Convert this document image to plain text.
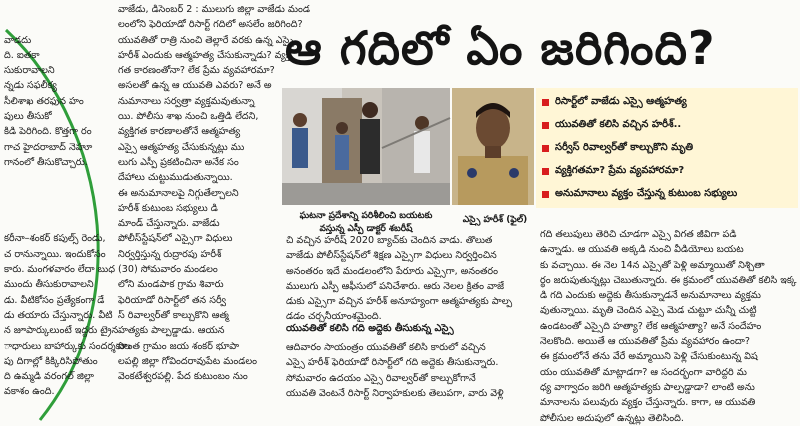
వాడదు
ది. ఐతకా
సుకురావాలని
న్నడు సఫలీక్య
సీలిశాఖ తరఫున హం
పులు తీసుకో
కిడి పెరిగింది. కొత్తగా రం
గాచ హైదరాబాద్ నెహూ
గానంలో తీసుకొచ్చారు.
కరీనా–శంకర్ కపుల్స్ రెండు,
చ రానున్నాయి. ఇందుకోసం
కారు. మంగళవారం లేదా బుధ
ముందు తీసుకురావాలని
డు. వీటికోసం ప్రత్యేకంగా డే
డు తయారు చేస్తున్నారు. వీటి
న జూపార్కులుంటే ఇద్దరు ట్రైన
ాధారులు బాహార్కుకు సందర్శకుల
పు దిగాల్లో కిక్కిరిసిపోతుం
ది ఉమ్మడి వరంగల్ జిల్లా
వకాశం ఉంది.
వాజేడు, డిసెంబర్ 2 : ములుగు జిల్లా వాజేడు మండ
లంలోని ఫెరియాడో రిసార్ట్ గదిలో అసలేం జరిగింది?
యువతితో రాత్రి నుంచి తెల్లారే వరకు ఉన్న ఎస్సై
హరీశ్ ఎందుకు ఆత్మహత్య చేసుకున్నాడు? వ్యక్తి
గత కారణంతోనా? లేక ప్రేమ వ్యవహారమా?
అసలతో ఉన్న ఆ యువతి ఎవరు? అనే అ
నుమానాలు సర్వత్రా వ్యక్తమవుతున్నా
యి. పోలీసు శాఖ నుంచి ఒత్తిడి లేదని,
వ్యక్తిగత కారణాలతోనే ఆత్మహత్య
ఎస్సై ఆత్మహత్య చేసుకున్నట్లు ము
లుగు ఎస్పీ ప్రకటించినా అనేక సం
దేహాలు చుట్టుముడుతున్నాయి.
ఈ అనుమానాలపై నిగ్గుతేల్చాలని
హరీశ్ కుటుంబ సభ్యులు డి
మాండ్ చేస్తున్నారు. వాజేడు
పోలీస్‌స్టేషన్‌లో ఎస్సైగా విధులు
నిర్వర్తిస్తున్న రుద్రారపు హరీశ్
(30) సోమవారం మండలం
లోని మండపాక గ్రామ శివారు
ఫెరియాడో రిసార్ట్‌లో తన సర్వీ
స్ రివాల్వర్‌తో కాల్చుకొని ఆత్మ
హత్యకు పాల్పడ్డాడు. ఆయన
సొంత గ్రామం జయ శంకర్ భూపా
లపల్లి జిల్లా గోవిందరావుపేట మండలం
వెంకటేశ్వరపల్లి. పేద కుటుంబం నుం
ఆ గదిలో ఏం జరిగింది?
ఘటనా ప్రదేశాన్ని పరిశీలించి బయటకు
వస్తున్న ఎస్పీ డాక్టర్ శబరీష్
ఎస్సై హరీశ్ (ఫైల్)
రిసార్ట్‌లో వాజేడు ఎస్సై ఆత్మహత్య
యువతితో కలిసి వచ్చిన హరీశ్..
సర్వీస్ రివాల్వర్‌తో కాల్చుకొని మృతి
వ్యక్తిగతమా? ప్రేమ వ్యవహారమా?
అనుమానాలు వ్యక్తం చేస్తున్న కుటుంబ సభ్యులు
చి వచ్చిన హరీష్ 2020 బ్యాచ్‌కు చెందిన వాడు. తొలుత
వాజేడు పోలీస్‌స్టేషన్‌లో శిక్షణ ఎస్సైగా విధులు నిర్వర్తించిన
అనంతరం ఇదే మండలంలోని పేరూరు ఎస్సైగా, అనంతరం
ములుగు ఎస్పీ ఆఫీసులో పనిచేశారు. ఆరు నెలల క్రితం వాజే
డుకు ఎస్సైగా వచ్చిన హరీశ్ అనూహ్యంగా ఆత్మహత్యకు పాల్ప
డడం చర్చనీయాంశమైంది.
ఆదివారం సాయంత్రం యువతితో కలిసి కారులో వచ్చిన
ఎస్సై హరీశ్ ఫెరియాడో రిసార్ట్‌లో గది అద్దెకు తీసుకున్నారు.
సోమవారం ఉదయం ఎస్సై రివాల్వర్‌తో కాల్చుకోగానే
యువతి వెంటనే రిసార్ట్ నిర్వాహకులకు తెలుపగా, వారు వెళ్లి
యువతితో కలిసి గది అద్దెకు తీసుకున్న ఎస్సై
గది తలుపులు తెరిచి చూడగా ఎస్సై విగత జీవిగా పడి
ఉన్నాడు. ఆ యువతి అక్కడి నుంచి వీడియోలు బయట
కు వచ్చాయి. ఈ నెల 14న ఎస్సైతో పెళ్లి అమ్మాయితో నిశ్చితా
ర్థం జరుపుతున్నట్లు చెబుతున్నారు. ఈ క్రమంలో యువతితో కలిసి ఇక్క
డి గది ఎందుకు అద్దెకు తీసుకున్నాడనే అనుమానాలు వ్యక్తమ
వుతున్నాయి. మృతి చెందిన ఎస్సై మెడ చుట్టూ చున్నీ చుట్టి
ఉండటంతో ఎస్సైది హత్యా? లేక ఆత్మహత్యా? అనే సందేహం
నెలకొంది. అయితే ఆ యువతితో ప్రేమ వ్యవహారం ఉందా?
ఈ క్రమంలోనే తను వేరే అమ్మాయిని పెళ్లి చేసుకుంటున్న విష
యం యువతితో మాట్లాడగా? ఆ సందర్భంగా వారిద్దరి మ
ధ్య వాగ్వాదం జరిగి ఆత్మహత్యకు పాల్పడ్డాడా? లాంటి అను
మానాలను పలువురు వ్యక్తం చేస్తున్నారు. కాగా, ఆ యువతి
పోలీసుల అదుపులో ఉన్నట్లు తెలిసింది.
